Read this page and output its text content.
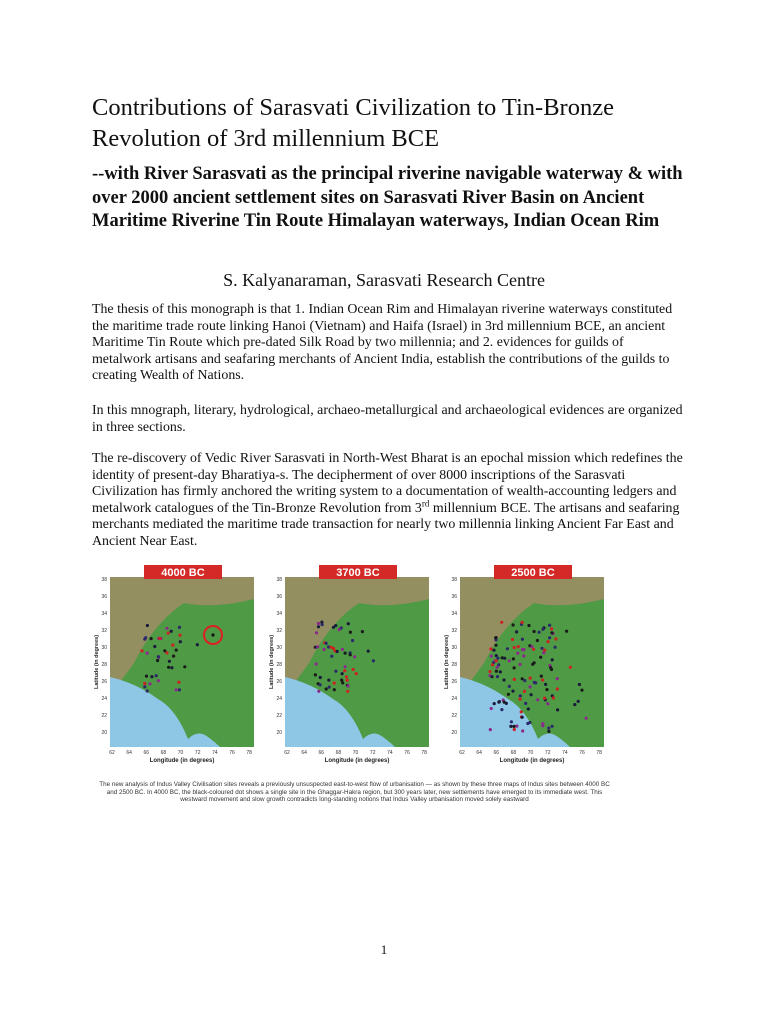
Contributions of Sarasvati Civilization to Tin-Bronze Revolution of 3rd millennium BCE
--with River Sarasvati as the principal riverine navigable waterway & with over 2000 ancient settlement sites on Sarasvati River Basin on Ancient Maritime Riverine Tin Route Himalayan waterways, Indian Ocean Rim

S. Kalyanaraman, Sarasvati Research Centre

The thesis of this monograph is that 1. Indian Ocean Rim and Himalayan riverine waterways constituted the maritime trade route linking Hanoi (Vietnam) and Haifa (Israel) in 3rd millennium BCE, an ancient Maritime Tin Route which pre-dated Silk Road by two millennia; and 2. evidences for guilds of metalwork artisans and seafaring merchants of Ancient India, establish the contributions of the guilds to creating Wealth of Nations.

In this mnograph, literary, hydrological, archaeo-metallurgical and archaeological evidences are organized in three sections.

The re-discovery of Vedic River Sarasvati in North-West Bharat is an epochal mission which redefines the identity of present-day Bharatiya-s. The decipherment of over 8000 inscriptions of the Sarasvati Civilization has firmly anchored the writing system to a documentation of wealth-accounting ledgers and metalwork catalogues of the Tin-Bronze Revolution from 3rd millennium BCE. The artisans and seafaring merchants mediated the maritime trade transaction for nearly two millennia linking Ancient Far East and Ancient Near East.

4000 BC
38
36
34
32
30
28
26
24
22
20
62 64 66 68 70 72 74 76 78
Longitude (in degrees)
Latitude (in degrees)
3700 BC
38
36
34
32
30
28
26
24
22
20
62 64 66 68 70 72 74 76 78
Longitude (in degrees)
Latitude (in degrees)
2500 BC
38
36
34
32
30
28
26
24
22
20
62 64 66 68 70 72 74 76 78
Longitude (in degrees)
Latitude (in degrees)
The new analysis of Indus Valley Civilisation sites reveals a previously unsuspected east-to-west flow of urbanisation — as shown by these three maps of Indus sites between 4000 BC and 2500 BC. In 4000 BC, the black-coloured dot shows a single site in the Ghaggar-Hakra region, but 300 years later, new settlements have emerged to its immediate west. This westward movement and slow growth contradicts long-standing notions that Indus Valley urbanisation moved solely eastward
1
